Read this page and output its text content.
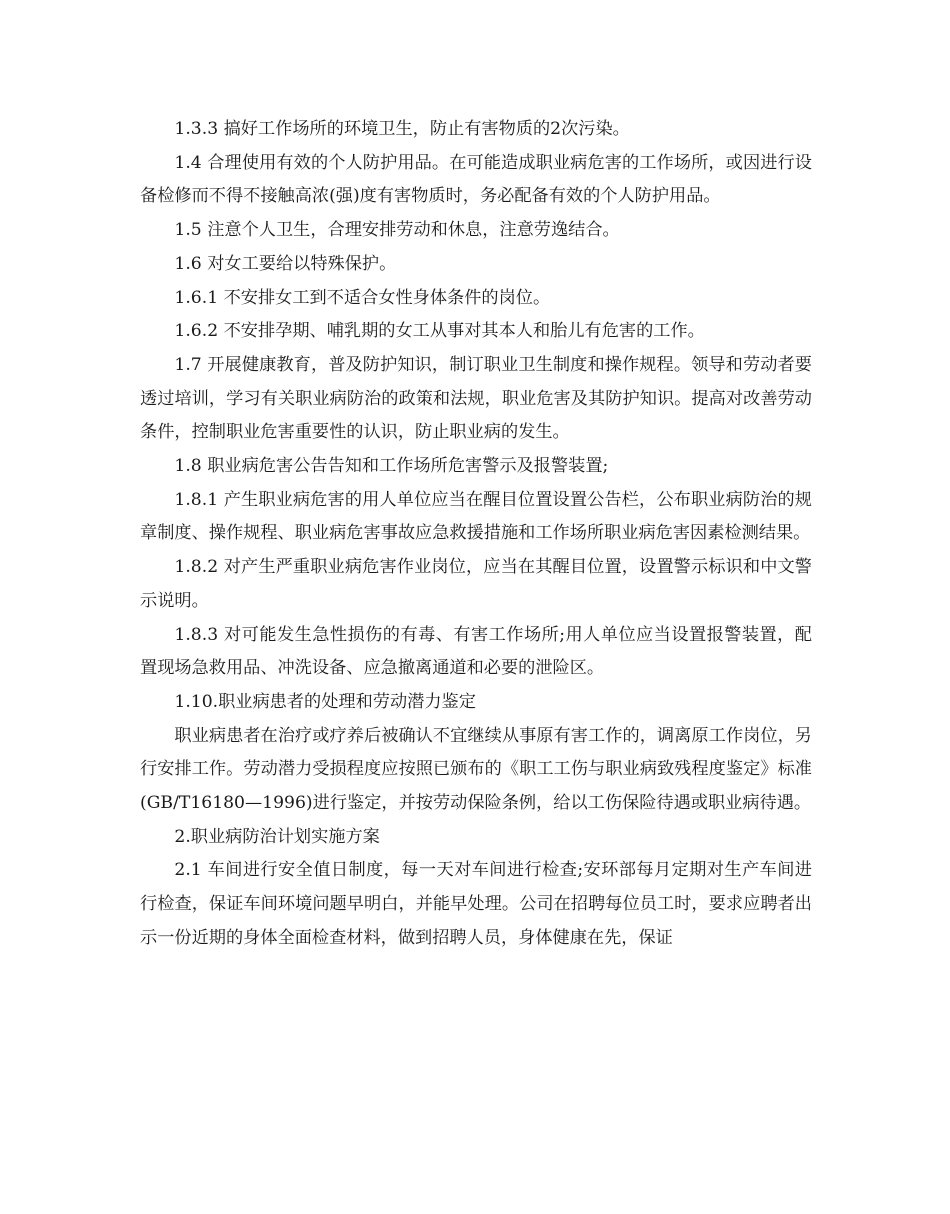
1.3.3 搞好工作场所的环境卫生，防止有害物质的2次污染。

1.4 合理使用有效的个人防护用品。在可能造成职业病危害的工作场所，或因进行设备检修而不得不接触高浓(强)度有害物质时，务必配备有效的个人防护用品。

1.5 注意个人卫生，合理安排劳动和休息，注意劳逸结合。

1.6 对女工要给以特殊保护。

1.6.1 不安排女工到不适合女性身体条件的岗位。

1.6.2 不安排孕期、哺乳期的女工从事对其本人和胎儿有危害的工作。

1.7 开展健康教育，普及防护知识，制订职业卫生制度和操作规程。领导和劳动者要透过培训，学习有关职业病防治的政策和法规，职业危害及其防护知识。提高对改善劳动条件，控制职业危害重要性的认识，防止职业病的发生。

1.8 职业病危害公告告知和工作场所危害警示及报警装置;

1.8.1 产生职业病危害的用人单位应当在醒目位置设置公告栏，公布职业病防治的规章制度、操作规程、职业病危害事故应急救援措施和工作场所职业病危害因素检测结果。

1.8.2 对产生严重职业病危害作业岗位，应当在其醒目位置，设置警示标识和中文警示说明。

1.8.3 对可能发生急性损伤的有毒、有害工作场所;用人单位应当设置报警装置，配置现场急救用品、冲洗设备、应急撤离通道和必要的泄险区。

1.10.职业病患者的处理和劳动潜力鉴定

职业病患者在治疗或疗养后被确认不宜继续从事原有害工作的，调离原工作岗位，另行安排工作。劳动潜力受损程度应按照已颁布的《职工工伤与职业病致残程度鉴定》标准(GB/T16180—1996)进行鉴定，并按劳动保险条例，给以工伤保险待遇或职业病待遇。

2.职业病防治计划实施方案

2.1 车间进行安全值日制度，每一天对车间进行检查;安环部每月定期对生产车间进行检查，保证车间环境问题早明白，并能早处理。公司在招聘每位员工时，要求应聘者出示一份近期的身体全面检查材料，做到招聘人员，身体健康在先，保证
